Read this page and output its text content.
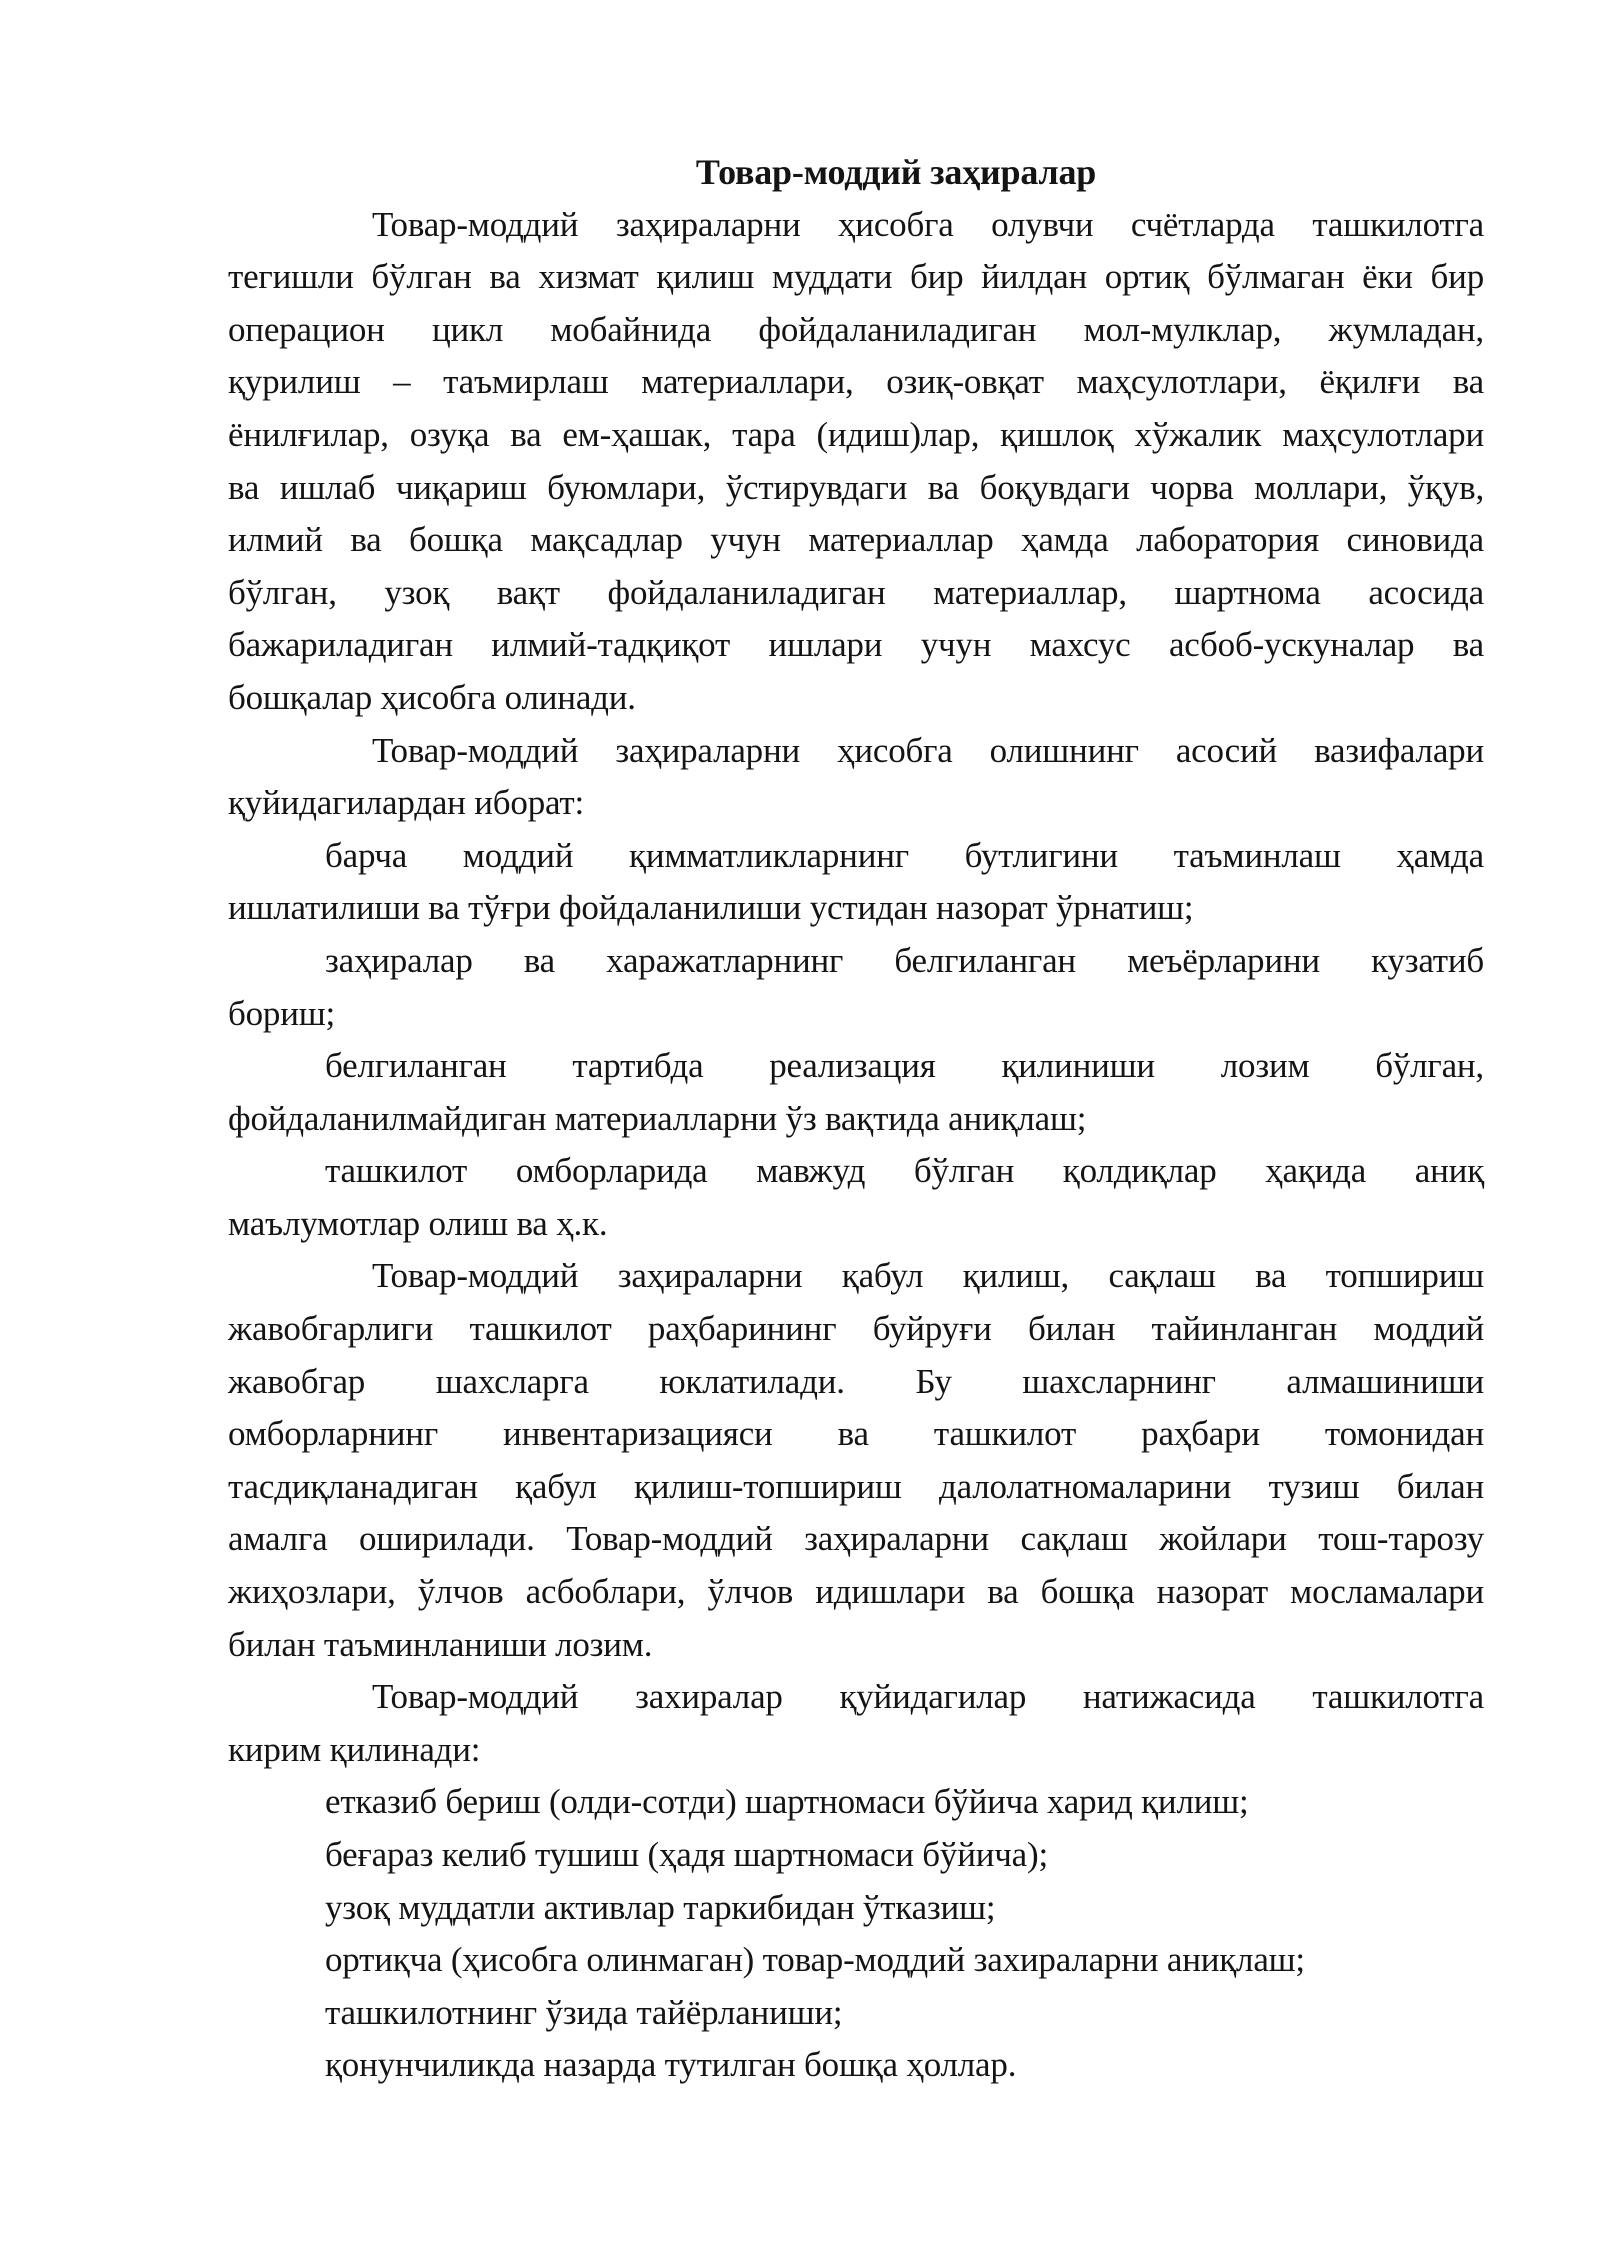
Товар-моддий заҳиралар
Товар-моддий заҳираларни ҳисобга олувчи счётларда ташкилотга
тегишли бўлган ва хизмат қилиш муддати бир йилдан ортиқ бўлмаган ёки бир
операцион цикл мобайнида фойдаланиладиган мол-мулклар, жумладан,
қурилиш – таъмирлаш материаллари, озиқ-овқат маҳсулотлари, ёқилғи ва
ёнилғилар, озуқа ва ем-ҳашак, тара (идиш)лар, қишлоқ хўжалик маҳсулотлари
ва ишлаб чиқариш буюмлари, ўстирувдаги ва боқувдаги чорва моллари, ўқув,
илмий ва бошқа мақсадлар учун материаллар ҳамда лаборатория синовида
бўлган, узоқ вақт фойдаланиладиган материаллар, шартнома асосида
бажариладиган илмий-тадқиқот ишлари учун махсус асбоб-ускуналар ва
бошқалар ҳисобга олинади.
Товар-моддий заҳираларни ҳисобга олишнинг асосий вазифалари
қуйидагилардан иборат:
барча моддий қимматликларнинг бутлигини таъминлаш ҳамда
ишлатилиши ва тўғри фойдаланилиши устидан назорат ўрнатиш;
заҳиралар ва харажатларнинг белгиланган меъёрларини кузатиб
бориш;
белгиланган тартибда реализация қилиниши лозим бўлган,
фойдаланилмайдиган материалларни ўз вақтида аниқлаш;
ташкилот омборларида мавжуд бўлган қолдиқлар ҳақида аниқ
маълумотлар олиш ва ҳ.к.
Товар-моддий заҳираларни қабул қилиш, сақлаш ва топшириш
жавобгарлиги ташкилот раҳбарининг буйруғи билан тайинланган моддий
жавобгар шахсларга юклатилади. Бу шахсларнинг алмашиниши
омборларнинг инвентаризацияси ва ташкилот раҳбари томонидан
тасдиқланадиган қабул қилиш-топшириш далолатномаларини тузиш билан
амалга оширилади. Товар-моддий заҳираларни сақлаш жойлари тош-тарозу
жиҳозлари, ўлчов асбоблари, ўлчов идишлари ва бошқа назорат мосламалари
билан таъминланиши лозим.
Товар-моддий захиралар қуйидагилар натижасида ташкилотга
кирим қилинади:
етказиб бериш (олди-сотди) шартномаси бўйича харид қилиш;
беғараз келиб тушиш (ҳадя шартномаси бўйича);
узоқ муддатли активлар таркибидан ўтказиш;
ортиқча (ҳисобга олинмаган) товар-моддий захираларни аниқлаш;
ташкилотнинг ўзида тайёрланиши;
қонунчиликда назарда тутилган бошқа ҳоллар.
